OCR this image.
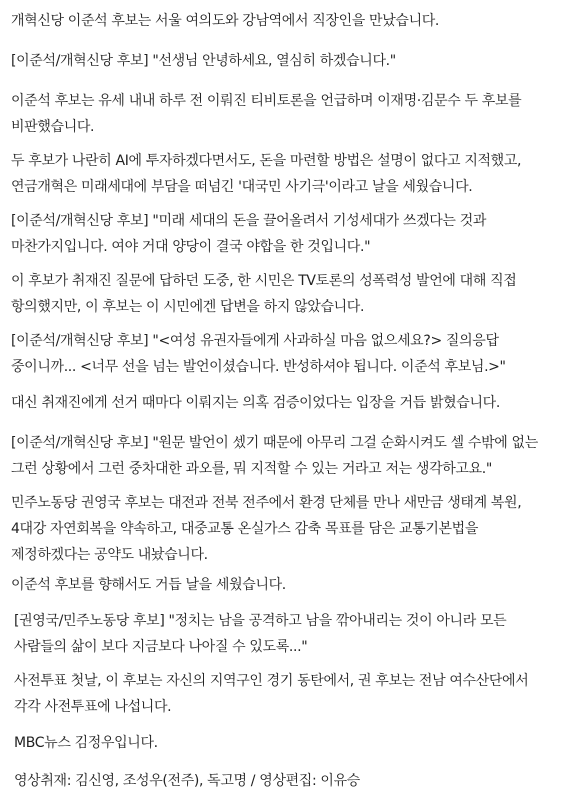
개혁신당 이준석 후보는 서울 여의도와 강남역에서 직장인을 만났습니다.

[이준석/개혁신당 후보] "선생님 안녕하세요, 열심히 하겠습니다."

이준석 후보는 유세 내내 하루 전 이뤄진 티비토론을 언급하며 이재명·김문수 두 후보를 비판했습니다.

두 후보가 나란히 AI에 투자하겠다면서도, 돈을 마련할 방법은 설명이 없다고 지적했고, 연금개혁은 미래세대에 부담을 떠넘긴 '대국민 사기극'이라고 날을 세웠습니다.

[이준석/개혁신당 후보] "미래 세대의 돈을 끌어올려서 기성세대가 쓰겠다는 것과 마찬가지입니다. 여야 거대 양당이 결국 야합을 한 것입니다."

이 후보가 취재진 질문에 답하던 도중, 한 시민은 TV토론의 성폭력성 발언에 대해 직접 항의했지만, 이 후보는 이 시민에겐 답변을 하지 않았습니다.

[이준석/개혁신당 후보] "<여성 유권자들에게 사과하실 마음 없으세요?> 질의응답 중이니까... <너무 선을 넘는 발언이셨습니다. 반성하셔야 됩니다. 이준석 후보님.>"

대신 취재진에게 선거 때마다 이뤄지는 의혹 검증이었다는 입장을 거듭 밝혔습니다.

[이준석/개혁신당 후보] "원문 발언이 셌기 때문에 아무리 그걸 순화시켜도 셀 수밖에 없는 그런 상황에서 그런 중차대한 과오를, 뭐 지적할 수 있는 거라고 저는 생각하고요."

민주노동당 권영국 후보는 대전과 전북 전주에서 환경 단체를 만나 새만금 생태계 복원, 4대강 자연회복을 약속하고, 대중교통 온실가스 감축 목표를 담은 교통기본법을 제정하겠다는 공약도 내놨습니다.

이준석 후보를 향해서도 거듭 날을 세웠습니다.

[권영국/민주노동당 후보] "정치는 남을 공격하고 남을 깎아내리는 것이 아니라 모든 사람들의 삶이 보다 지금보다 나아질 수 있도록..."

사전투표 첫날, 이 후보는 자신의 지역구인 경기 동탄에서, 권 후보는 전남 여수산단에서 각각 사전투표에 나섭니다.

MBC뉴스 김정우입니다.

영상취재: 김신영, 조성우(전주), 독고명 / 영상편집: 이유승
